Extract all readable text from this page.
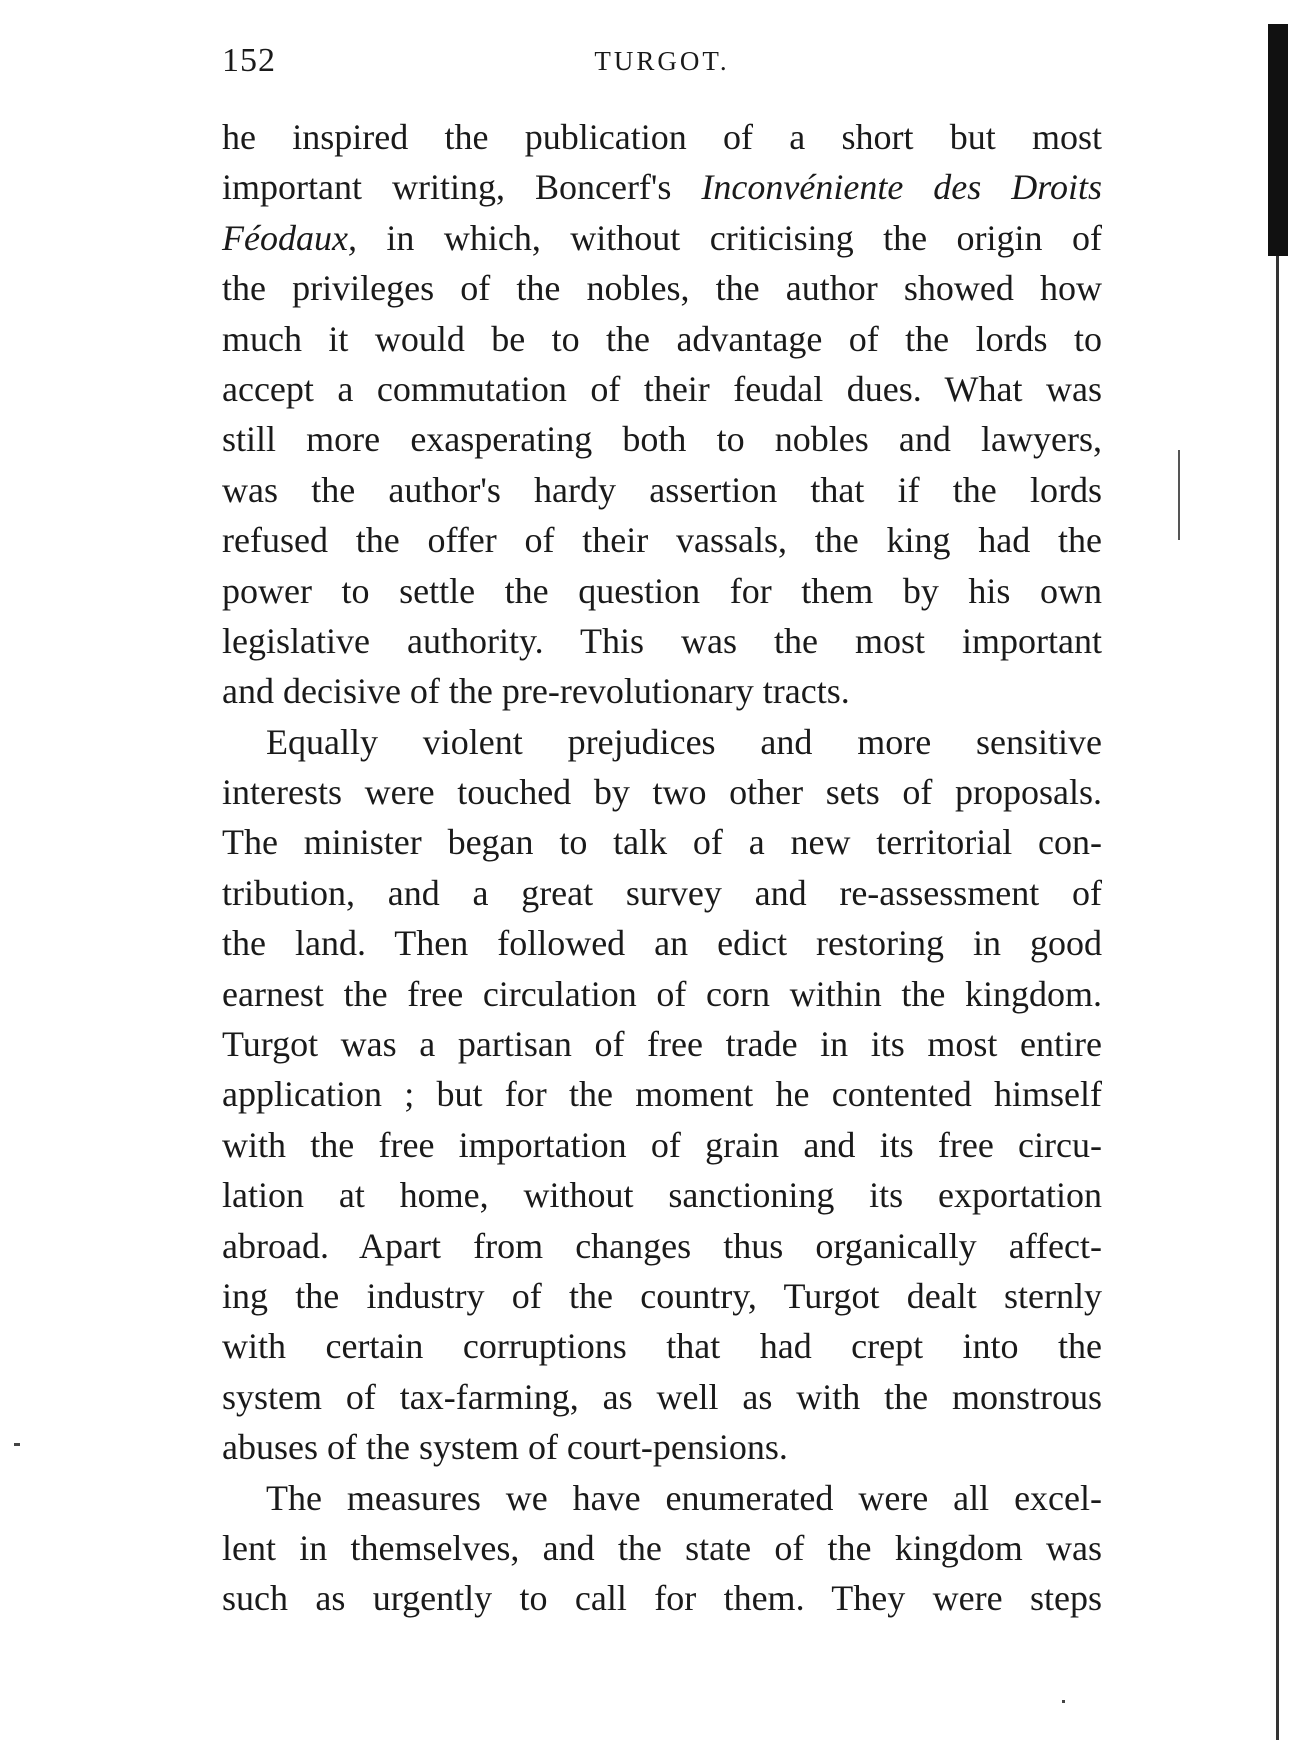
152	TURGOT.
he inspired the publication of a short but most
important writing, Boncerf's Inconvéniente des Droits
Féodaux, in which, without criticising the origin of
the privileges of the nobles, the author showed how
much it would be to the advantage of the lords to
accept a commutation of their feudal dues. What was
still more exasperating both to nobles and lawyers,
was the author's hardy assertion that if the lords
refused the offer of their vassals, the king had the
power to settle the question for them by his own
legislative authority. This was the most important
and decisive of the pre-revolutionary tracts.
Equally violent prejudices and more sensitive
interests were touched by two other sets of proposals.
The minister began to talk of a new territorial con-
tribution, and a great survey and re-assessment of
the land. Then followed an edict restoring in good
earnest the free circulation of corn within the kingdom.
Turgot was a partisan of free trade in its most entire
application ; but for the moment he contented himself
with the free importation of grain and its free circu-
lation at home, without sanctioning its exportation
abroad. Apart from changes thus organically affect-
ing the industry of the country, Turgot dealt sternly
with certain corruptions that had crept into the
system of tax-farming, as well as with the monstrous
abuses of the system of court-pensions.
The measures we have enumerated were all excel-
lent in themselves, and the state of the kingdom was
such as urgently to call for them. They were steps
